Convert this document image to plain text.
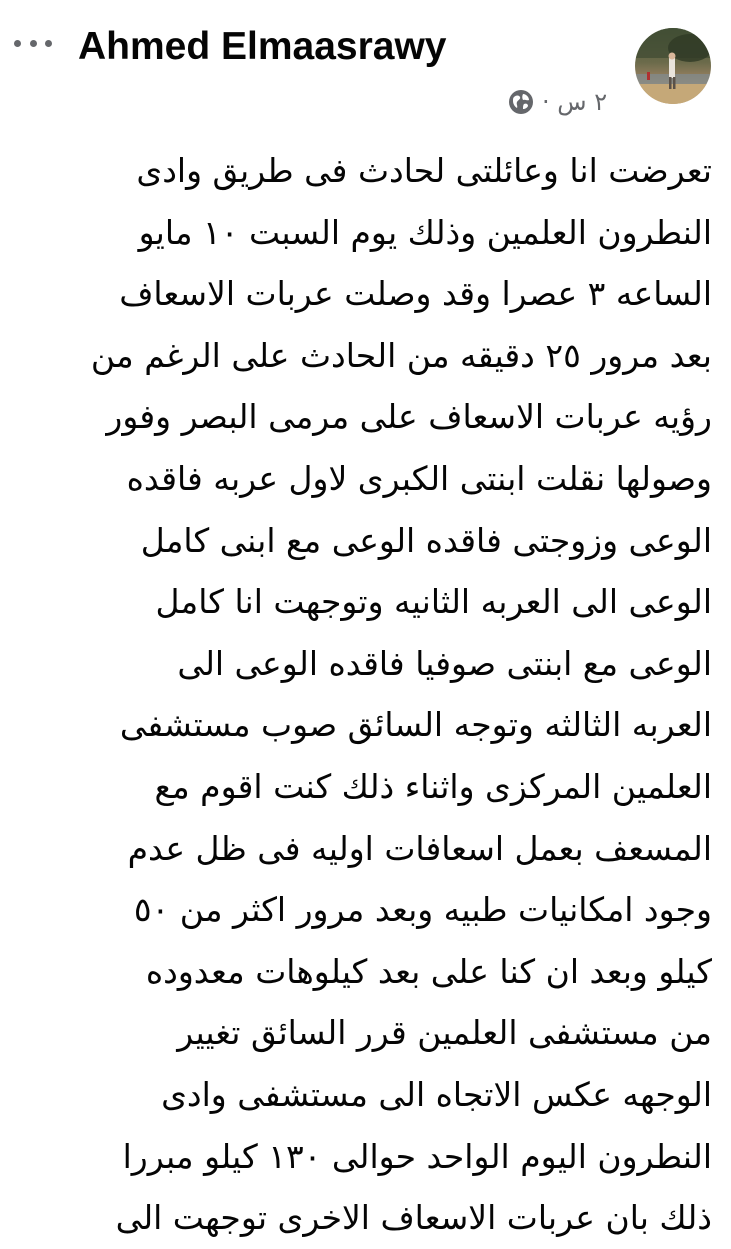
Ahmed Elmaasrawy
٢ س ·
تعرضت انا وعائلتى لحادث فى طريق وادى
النطرون العلمين وذلك يوم السبت ١٠ مايو
الساعه ٣ عصرا وقد وصلت عربات الاسعاف
بعد مرور ٢٥ دقيقه من الحادث على الرغم من
رؤيه عربات الاسعاف على مرمى البصر وفور
وصولها نقلت ابنتى الكبرى لاول عربه فاقده
الوعى وزوجتى فاقده الوعى مع ابنى كامل
الوعى الى العربه الثانيه وتوجهت انا كامل
الوعى مع ابنتى صوفيا فاقده الوعى الى
العربه الثالثه وتوجه السائق صوب مستشفى
العلمين المركزى واثناء ذلك كنت اقوم مع
المسعف بعمل اسعافات اوليه فى ظل عدم
وجود امكانيات طبيه وبعد مرور اكثر من ٥٠
كيلو وبعد ان كنا على بعد كيلوهات معدوده
من مستشفى العلمين قرر السائق تغيير
الوجهه عكس الاتجاه الى مستشفى وادى
النطرون اليوم الواحد حوالى ١٣٠ كيلو مبررا
ذلك بان عربات الاسعاف الاخرى توجهت الى
